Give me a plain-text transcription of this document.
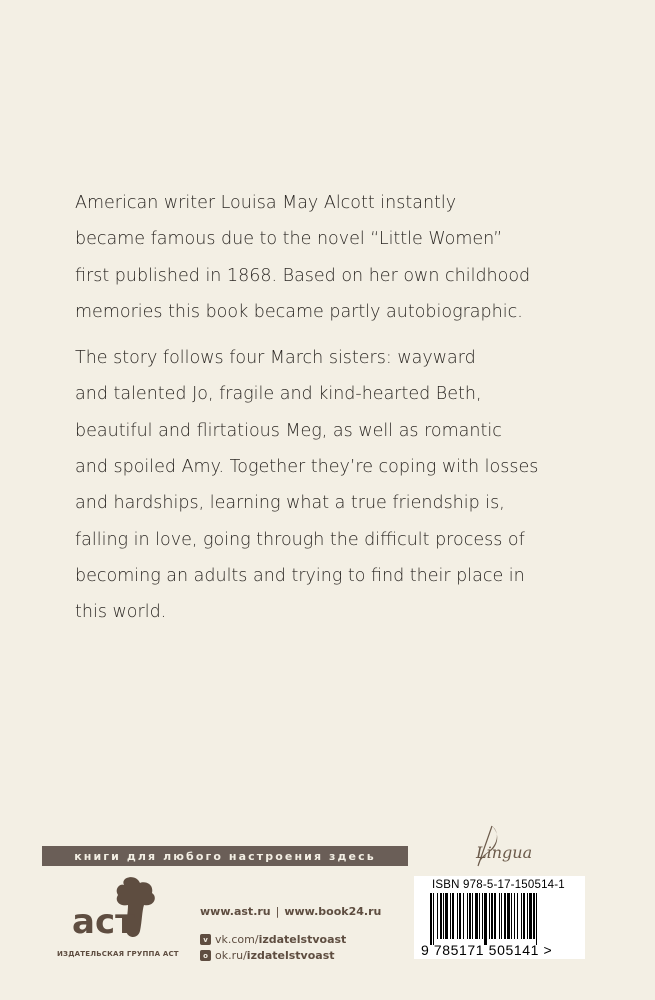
American writer Louisa May Alcott instantly
became famous due to the novel “Little Women”
first published in 1868. Based on her own childhood
memories this book became partly autobiographic.

The story follows four March sisters: wayward
and talented Jo, fragile and kind-hearted Beth,
beautiful and flirtatious Meg, as well as romantic
and spoiled Amy. Together they’re coping with losses
and hardships, learning what a true friendship is,
falling in love, going through the difficult process of
becoming an adults and trying to find their place in
this world.

книги для любого настроения здесь	Lingua
аст
ИЗДАТЕЛЬСКАЯ ГРУППА АСТ
www.ast.ru | www.book24.ru
v vk.com/ izdatelstvoast
o ok.ru/ izdatelstvoast
ISBN 978-5-17-150514-1
9 785171 505141 >
